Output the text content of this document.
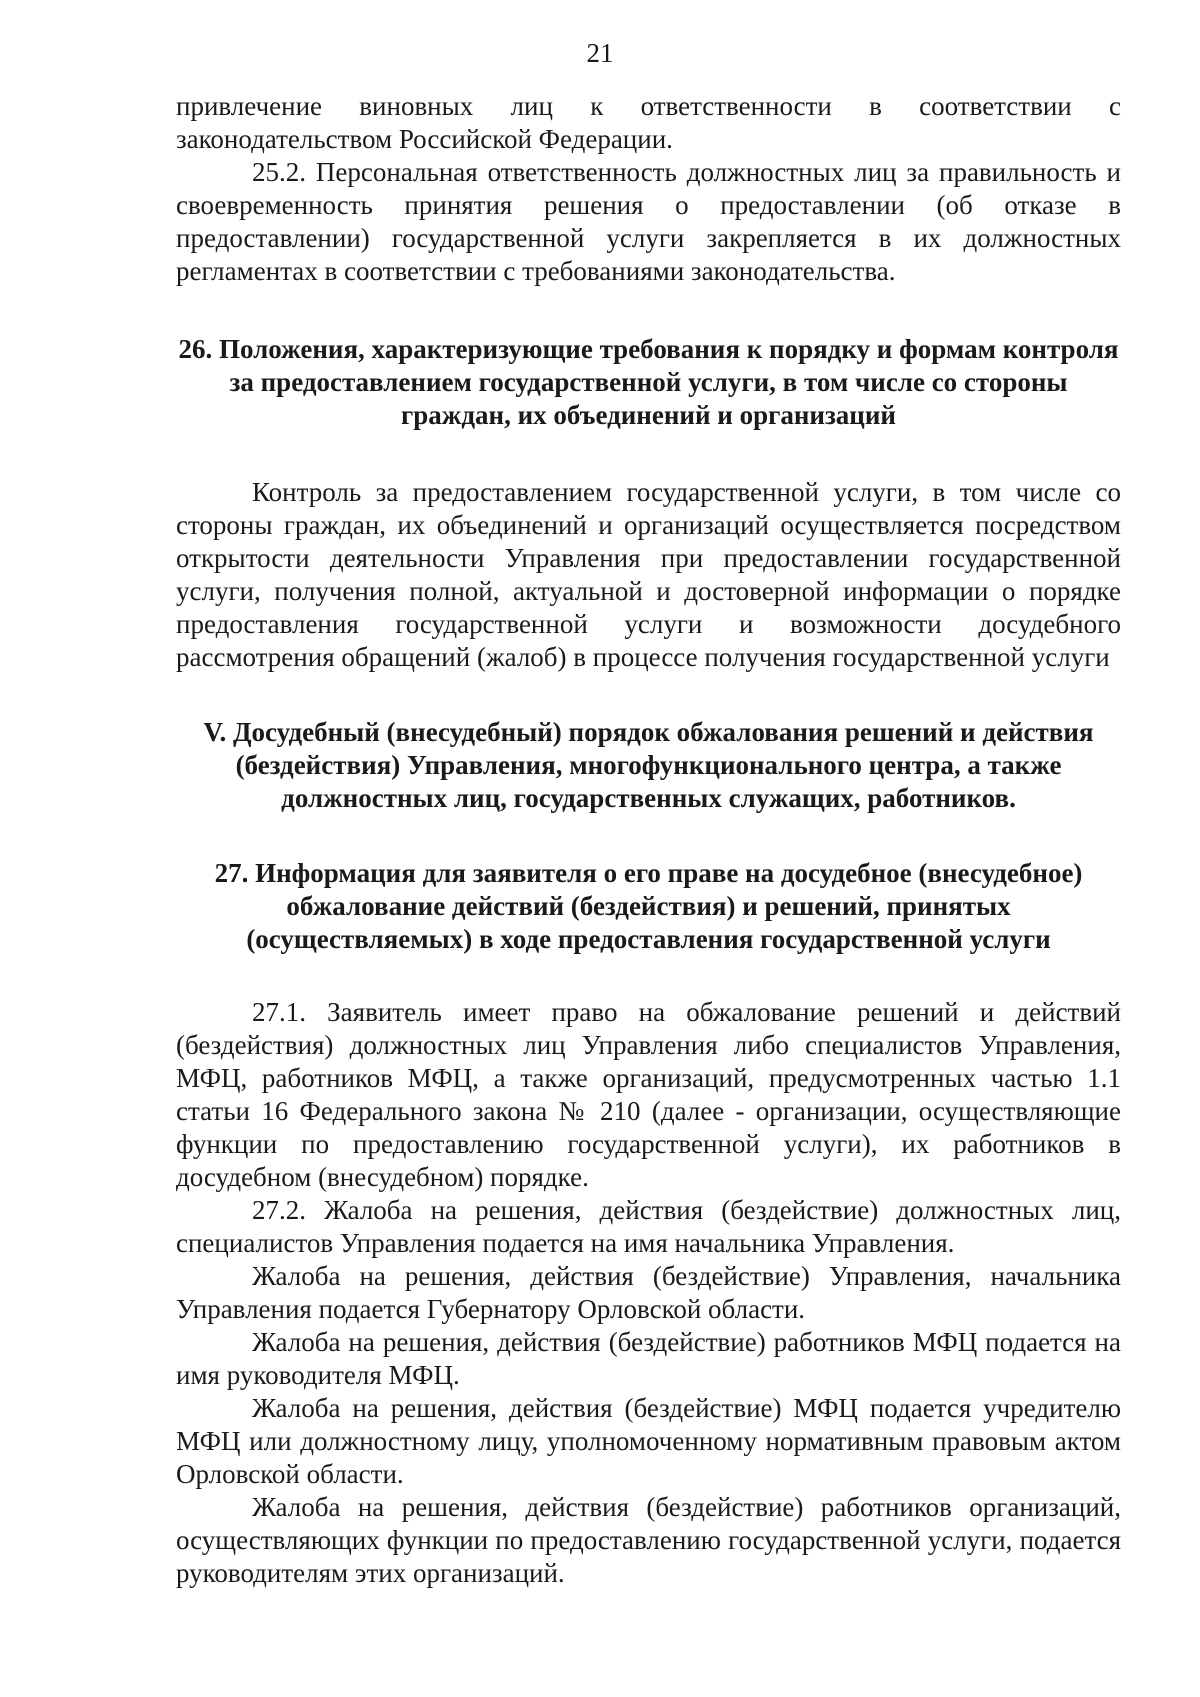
21

привлечение виновных лиц к ответственности в соответствии с законодательством Российской Федерации.

25.2. Персональная ответственность должностных лиц за правильность и своевременность принятия решения о предоставлении (об отказе в предоставлении) государственной услуги закрепляется в их должностных регламентах в соответствии с требованиями законодательства.

26. Положения, характеризующие требования к порядку и формам контроля за предоставлением государственной услуги, в том числе со стороны граждан, их объединений и организаций

Контроль за предоставлением государственной услуги, в том числе со стороны граждан, их объединений и организаций осуществляется посредством открытости деятельности Управления при предоставлении государственной услуги, получения полной, актуальной и достоверной информации о порядке предоставления государственной услуги и возможности досудебного рассмотрения обращений (жалоб) в процессе получения государственной услуги

V. Досудебный (внесудебный) порядок обжалования решений и действия (бездействия) Управления, многофункционального центра, а также должностных лиц, государственных служащих, работников.
27. Информация для заявителя о его праве на досудебное (внесудебное) обжалование действий (бездействия) и решений, принятых (осуществляемых) в ходе предоставления государственной услуги

27.1. Заявитель имеет право на обжалование решений и действий (бездействия) должностных лиц Управления либо специалистов Управления, МФЦ, работников МФЦ, а также организаций, предусмотренных частью 1.1 статьи 16 Федерального закона № 210 (далее - организации, осуществляющие функции по предоставлению государственной услуги), их работников в досудебном (внесудебном) порядке.

27.2. Жалоба на решения, действия (бездействие) должностных лиц, специалистов Управления подается на имя начальника Управления.

Жалоба на решения, действия (бездействие) Управления, начальника Управления подается Губернатору Орловской области.

Жалоба на решения, действия (бездействие) работников МФЦ подается на имя руководителя МФЦ.

Жалоба на решения, действия (бездействие) МФЦ подается учредителю МФЦ или должностному лицу, уполномоченному нормативным правовым актом Орловской области.

Жалоба на решения, действия (бездействие) работников организаций, осуществляющих функции по предоставлению государственной услуги, подается руководителям этих организаций.
